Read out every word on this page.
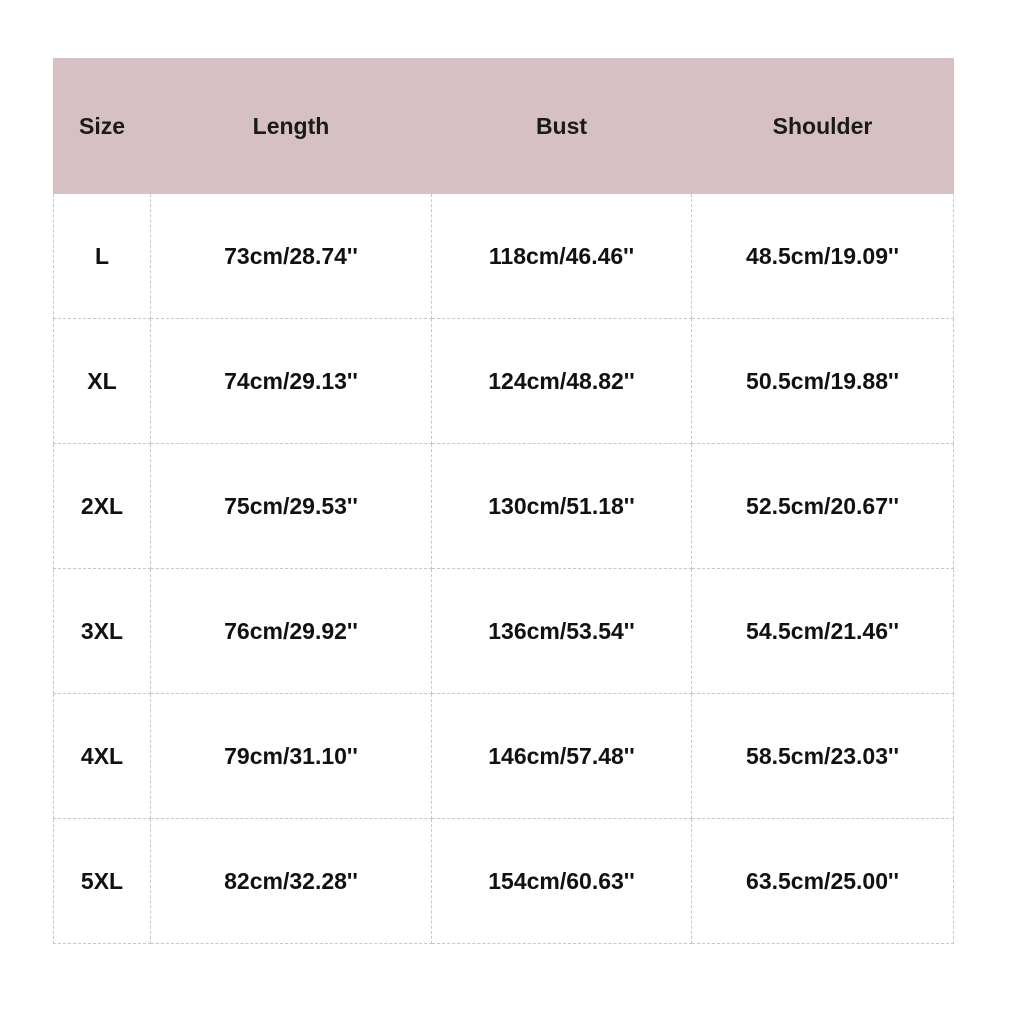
Size	Length	Bust	Shoulder
L	73cm/28.74''	118cm/46.46''	48.5cm/19.09''
XL	74cm/29.13''	124cm/48.82''	50.5cm/19.88''
2XL	75cm/29.53''	130cm/51.18''	52.5cm/20.67''
3XL	76cm/29.92''	136cm/53.54''	54.5cm/21.46''
4XL	79cm/31.10''	146cm/57.48''	58.5cm/23.03''
5XL	82cm/32.28''	154cm/60.63''	63.5cm/25.00''
